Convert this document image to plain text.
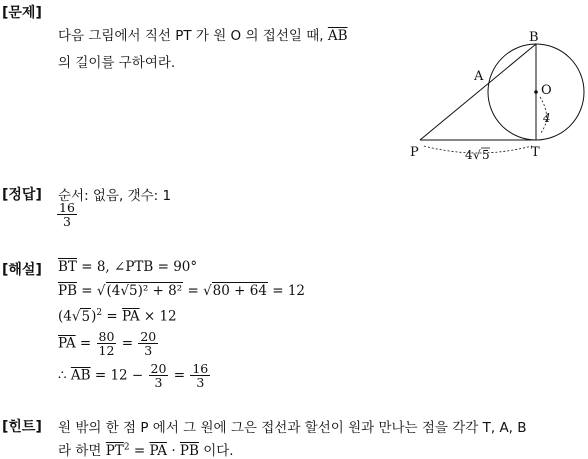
[문제]
다음 그림에서 직선 PT 가 원 O 의 접선일 때, $\overline{AB}$
의 길이를 구하여라.
B
A
O
4
P	T
4 √ 5
[정답] 순서: 없음, 갯수: 1
$\frac{16}{3}$
[해설] $\overline{BT} = 8$, ∠PTB = 90°
$\overline{PB} = √(4√5)^2 + 8^2 = √80 + 64 = 12$
$(4√5)^2 = \overline{PA} \times 12$
$\overline{PA} = \frac{80}{12} = \frac{20}{3}$
∴ $\overline{AB} = 12 - \frac{20}{3} = \frac{16}{3}$
[힌트] 원 밖의 한 점 P 에서 그 원에 그은 접선과 할선이 원과 만나는 점을 각각 T, A, B
라 하면 $\overline{PT}^2 = \overline{PA} \cdot \overline{PB}$ 이다.
